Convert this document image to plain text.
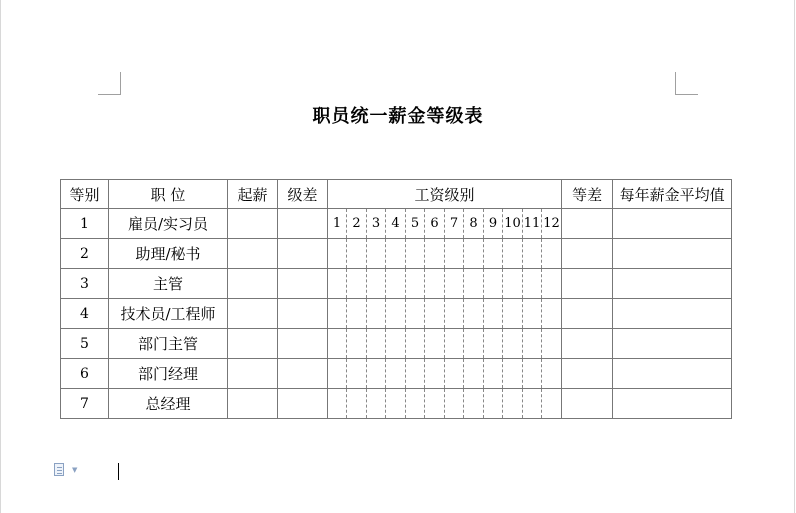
职员统一薪金等级表
等别	职 位	起薪	级差	工资级别												等差	每年薪金平均值
1	雇员/实习员			1	2	3	4	5	6	7	8	9	10	11	12		
2	助理/秘书																
3	主管																
4	技术员/工程师																
5	部门主管																
6	部门经理																
7	总经理																
▼
